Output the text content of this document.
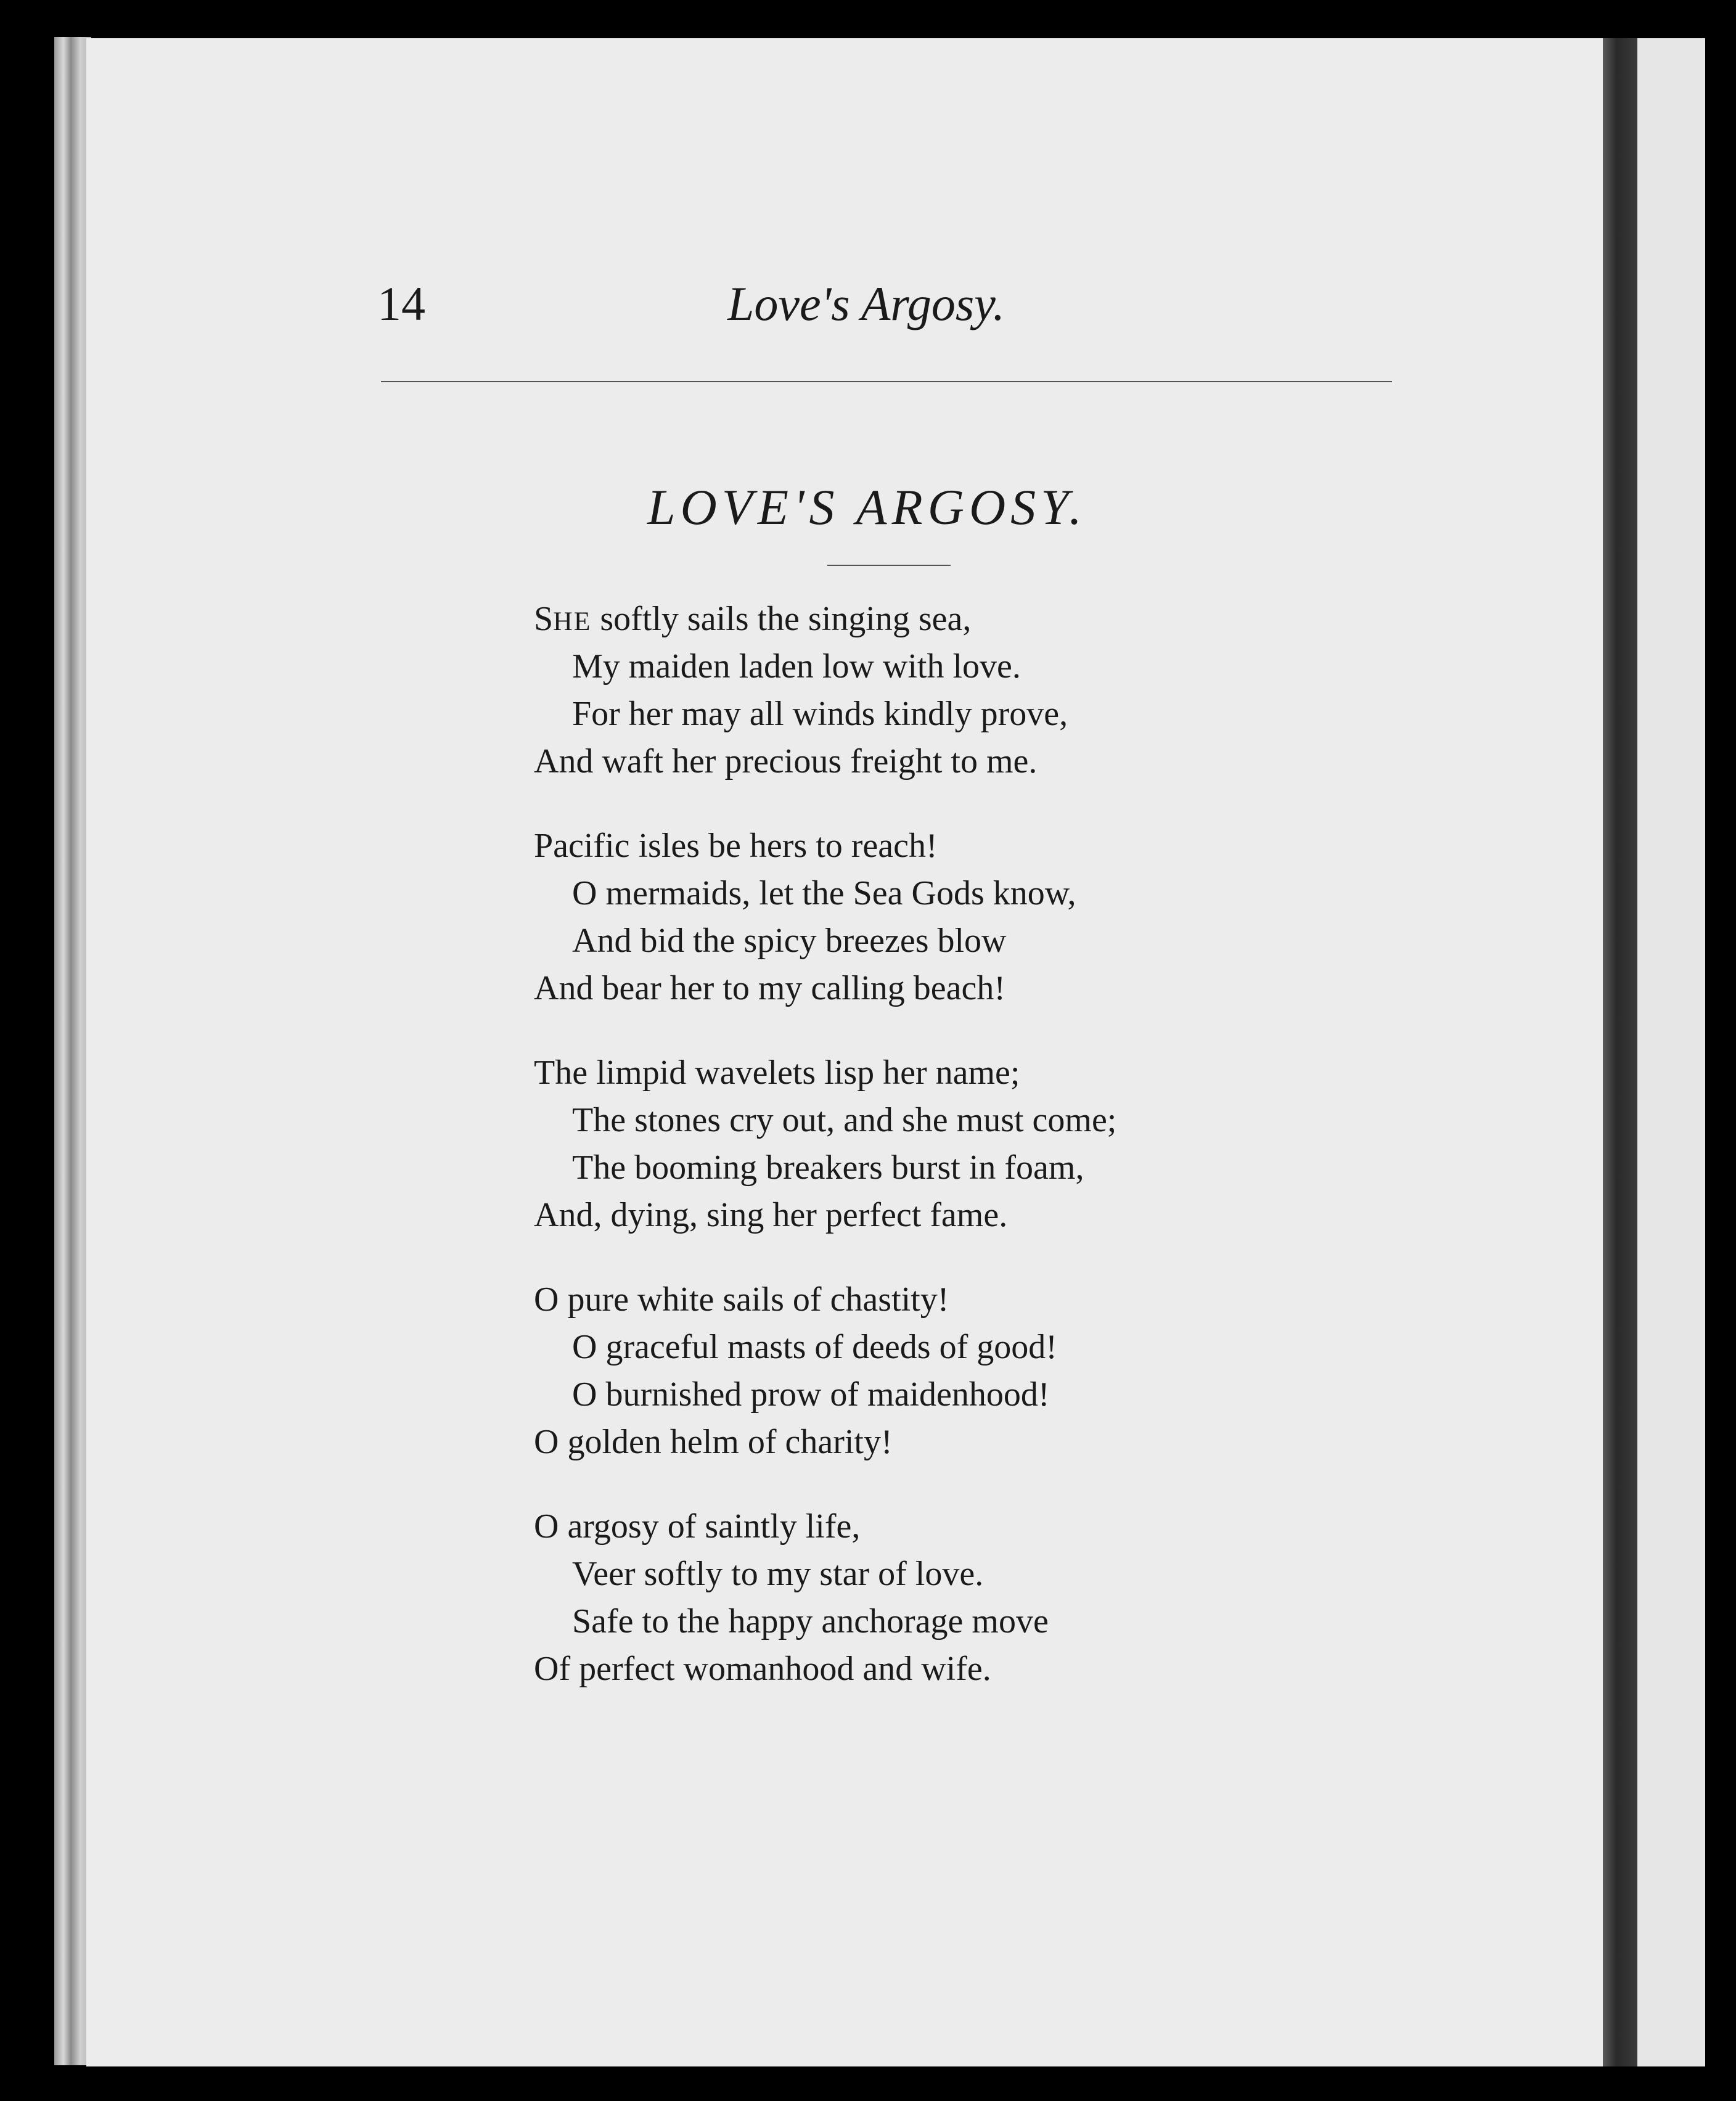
14	Love's Argosy.
LOVE'S ARGOSY.
SHE softly sails the singing sea,
My maiden laden low with love.
For her may all winds kindly prove,
And waft her precious freight to me.
Pacific isles be hers to reach!
O mermaids, let the Sea Gods know,
And bid the spicy breezes blow
And bear her to my calling beach!
The limpid wavelets lisp her name;
The stones cry out, and she must come;
The booming breakers burst in foam,
And, dying, sing her perfect fame.
O pure white sails of chastity!
O graceful masts of deeds of good!
O burnished prow of maidenhood!
O golden helm of charity!
O argosy of saintly life,
Veer softly to my star of love.
Safe to the happy anchorage move
Of perfect womanhood and wife.
